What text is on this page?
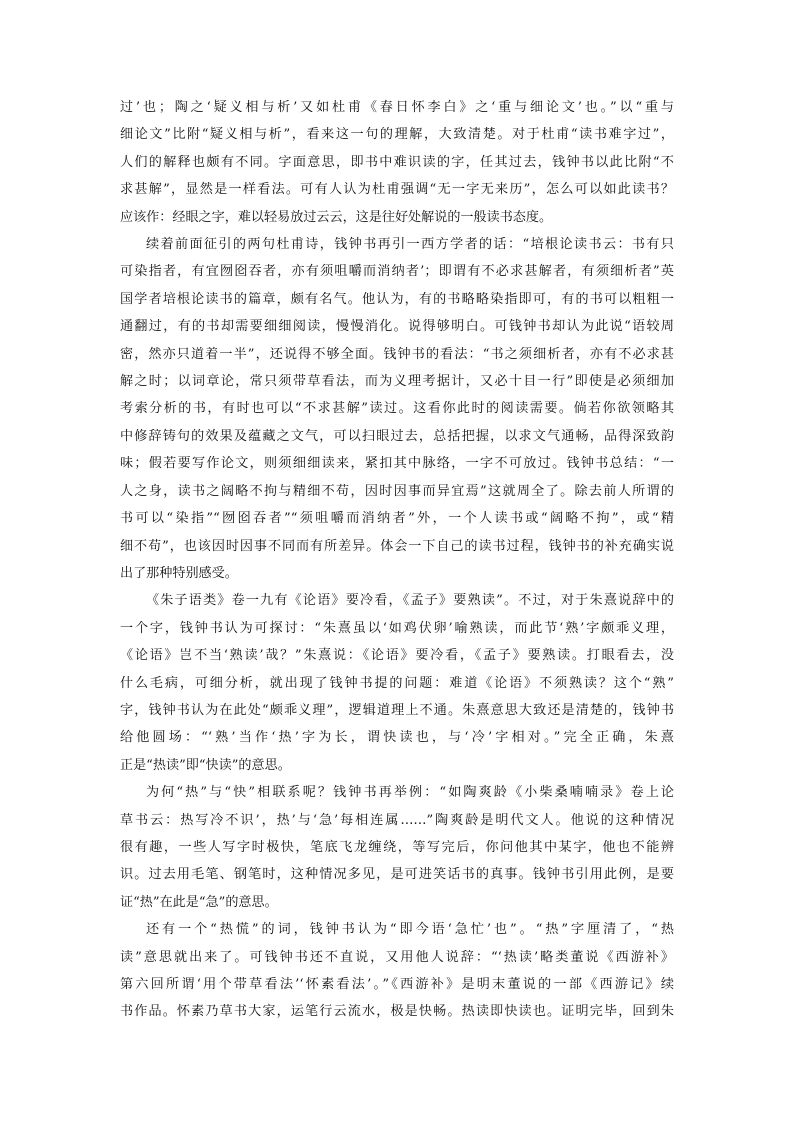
过’也；陶之‘疑义相与析’又如杜甫《春日怀李白》之‘重与细论文’也。”以“重与
细论文”比附“疑义相与析”，看来这一句的理解，大致清楚。对于杜甫“读书难字过”，
人们的解释也颇有不同。字面意思，即书中难识读的字，任其过去，钱钟书以此比附“不
求甚解”，显然是一样看法。可有人认为杜甫强调“无一字无来历”，怎么可以如此读书？
应该作：经眼之字，难以轻易放过云云，这是往好处解说的一般读书态度。

续着前面征引的两句杜甫诗，钱钟书再引一西方学者的话：“培根论读书云：书有只
可染指者，有宜囫囵吞者，亦有须咀嚼而消纳者’；即谓有不必求甚解者，有须细析者”英
国学者培根论读书的篇章，颇有名气。他认为，有的书略略染指即可，有的书可以粗粗一
通翻过，有的书却需要细细阅读，慢慢消化。说得够明白。可钱钟书却认为此说“语较周
密，然亦只道着一半”，还说得不够全面。钱钟书的看法：“书之须细析者，亦有不必求甚
解之时；以词章论，常只须带草看法，而为义理考据计，又必十目一行”即使是必须细加
考索分析的书，有时也可以“不求甚解”读过。这看你此时的阅读需要。倘若你欲领略其
中修辞铸句的效果及蕴藏之文气，可以扫眼过去，总括把握，以求文气通畅，品得深致韵
味；假若要写作论文，则须细细读来，紧扣其中脉络，一字不可放过。钱钟书总结：“一
人之身，读书之阔略不拘与精细不苟，因时因事而异宜焉”这就周全了。除去前人所谓的
书可以“染指”“囫囵吞者”“须咀嚼而消纳者”外，一个人读书或“阔略不拘”，或“精
细不苟”，也该因时因事不同而有所差异。体会一下自己的读书过程，钱钟书的补充确实说
出了那种特别感受。

《朱子语类》卷一九有《论语》要冷看，《孟子》要熟读”。不过，对于朱熹说辞中的
一个字，钱钟书认为可探讨：“朱熹虽以‘如鸡伏卵’喻熟读，而此节‘熟’字颇乖义理，
《论语》岂不当‘熟读’哉？”朱熹说：《论语》要冷看，《孟子》要熟读。打眼看去，没
什么毛病，可细分析，就出现了钱钟书提的问题：难道《论语》不须熟读？这个“熟”
字，钱钟书认为在此处“颇乖义理”，逻辑道理上不通。朱熹意思大致还是清楚的，钱钟书
给他圆场：“‘熟’当作‘热’字为长，谓快读也，与‘冷’字相对。”完全正确，朱熹
正是“热读”即“快读”的意思。

为何“热”与“快”相联系呢？钱钟书再举例：“如陶爽龄《小柴桑喃喃录》卷上论
草书云：热写冷不识’，热’与‘急’每相连属……”陶爽龄是明代文人。他说的这种情况
很有趣，一些人写字时极快，笔底飞龙缠绕，等写完后，你问他其中某字，他也不能辨
识。过去用毛笔、钢笔时，这种情况多见，是可进笑话书的真事。钱钟书引用此例，是要
证“热”在此是“急”的意思。

还有一个“热慌”的词，钱钟书认为“即今语‘急忙’也”。“热”字厘清了，“热
读”意思就出来了。可钱钟书还不直说，又用他人说辞：“‘热读’略类董说《西游补》
第六回所谓‘用个带草看法’‘怀素看法’。”《西游补》是明末董说的一部《西游记》续
书作品。怀素乃草书大家，运笔行云流水，极是快畅。热读即快读也。证明完毕，回到朱
